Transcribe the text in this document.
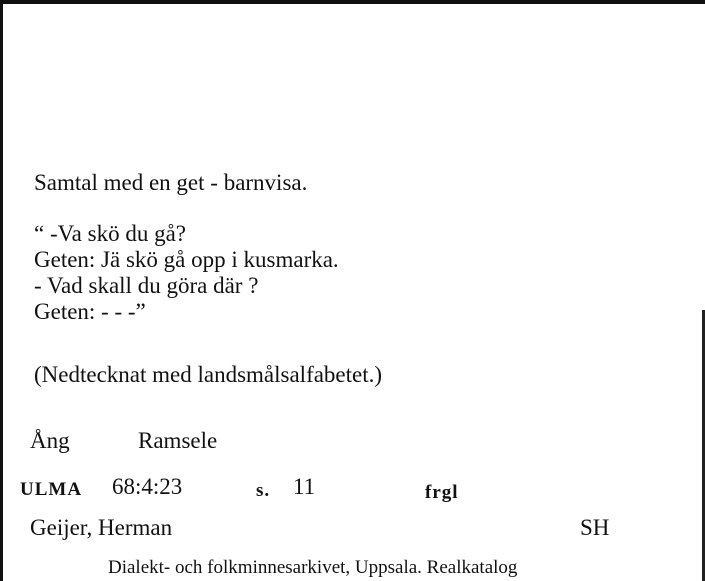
Samtal med en get - barnvisa.
“ -Va skö du gå?
Geten: Jä skö gå opp i kusmarka.
- Vad skall du göra där ?
Geten: - - -”
(Nedtecknat med landsmålsalfabetet.)
Ång	Ramsele
ULMA 68:4:23	s. 11	frgl
Geijer, Herman	SH
Dialekt- och folkminnesarkivet, Uppsala. Realkatalog
